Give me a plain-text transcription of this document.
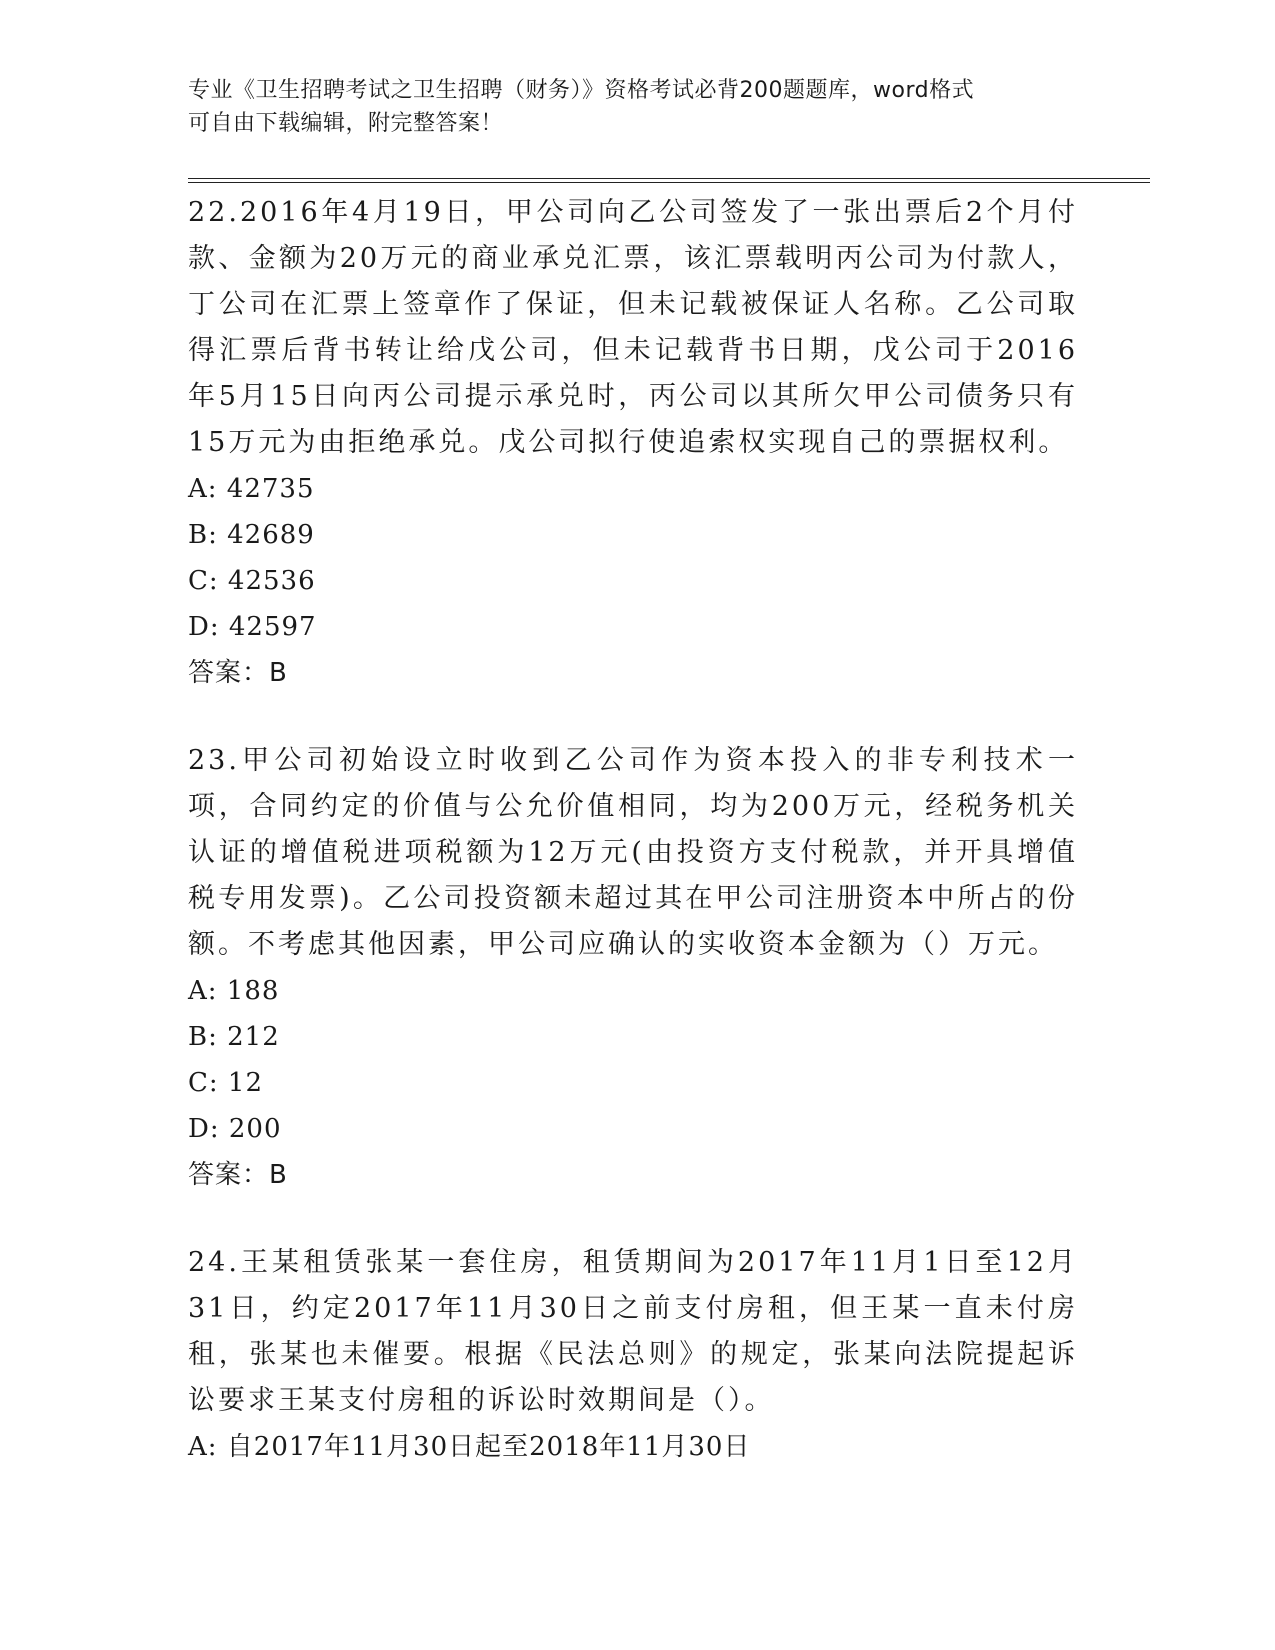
专业《卫生招聘考试之卫生招聘（财务）》资格考试必背200题题库，word格式
可自由下载编辑，附完整答案！
22.2016年4月19日，甲公司向乙公司签发了一张出票后2个月付款、金额为20万元的商业承兑汇票，该汇票载明丙公司为付款人，丁公司在汇票上签章作了保证，但未记载被保证人名称。乙公司取得汇票后背书转让给戊公司，但未记载背书日期，戊公司于2016年5月15日向丙公司提示承兑时，丙公司以其所欠甲公司债务只有15万元为由拒绝承兑。戊公司拟行使追索权实现自己的票据权利。
A: 42735
B: 42689
C: 42536
D: 42597
答案：B
23.甲公司初始设立时收到乙公司作为资本投入的非专利技术一项，合同约定的价值与公允价值相同，均为200万元，经税务机关认证的增值税进项税额为12万元(由投资方支付税款，并开具增值税专用发票)。乙公司投资额未超过其在甲公司注册资本中所占的份额。不考虑其他因素，甲公司应确认的实收资本金额为（）万元。
A: 188
B: 212
C: 12
D: 200
答案：B
24.王某租赁张某一套住房，租赁期间为2017年11月1日至12月31日，约定2017年11月30日之前支付房租，但王某一直未付房租，张某也未催要。根据《民法总则》的规定，张某向法院提起诉讼要求王某支付房租的诉讼时效期间是（）。
A: 自2017年11月30日起至2018年11月30日
